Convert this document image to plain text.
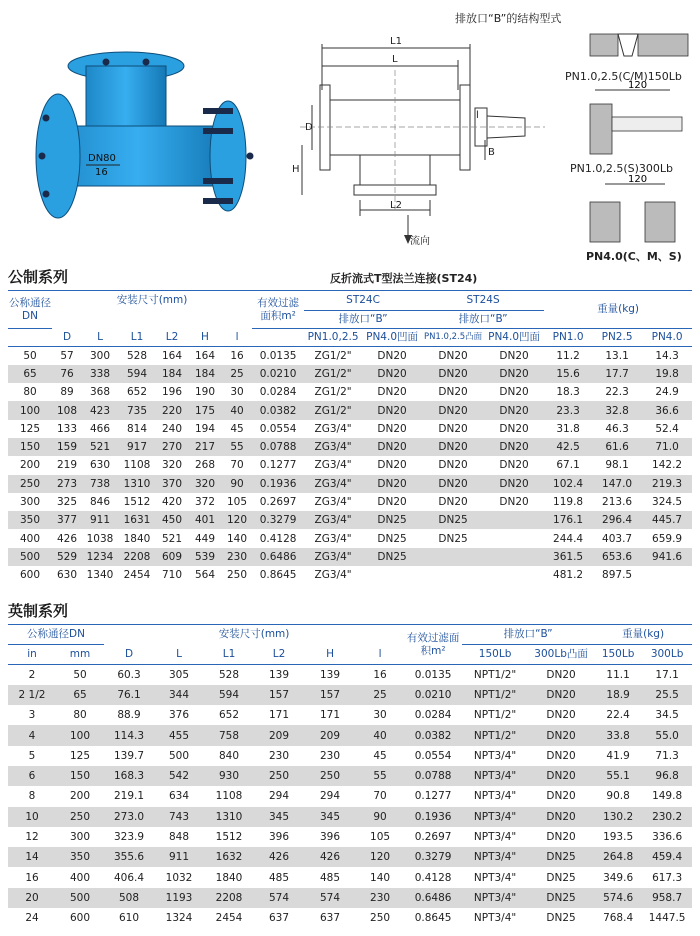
DN80
16
L1
L
L2
H
D
l
B
流向
120
120
排放口“B”的结构型式
PN1.0,2.5(C/M)150Lb
PN1.0,2.5(S)300Lb
PN4.0(C、M、S)
公制系列	反折流式T型法兰连接(ST24)
公称通径DN	安装尺寸(mm)						有效过滤面积m²	ST24C		ST24S		重量(kg)		
								排放口“B”		排放口“B”				
	D	L	L1	L2	H	l		PN1.0,2.5	PN4.0凹面	PN1.0,2.5凸面	PN4.0凹面	PN1.0	PN2.5	PN4.0
50	57	300	528	164	164	16	0.0135	ZG1/2"	DN20	DN20	DN20	11.2	13.1	14.3
65	76	338	594	184	184	25	0.0210	ZG1/2"	DN20	DN20	DN20	15.6	17.7	19.8
80	89	368	652	196	190	30	0.0284	ZG1/2"	DN20	DN20	DN20	18.3	22.3	24.9
100	108	423	735	220	175	40	0.0382	ZG1/2"	DN20	DN20	DN20	23.3	32.8	36.6
125	133	466	814	240	194	45	0.0554	ZG3/4"	DN20	DN20	DN20	31.8	46.3	52.4
150	159	521	917	270	217	55	0.0788	ZG3/4"	DN20	DN20	DN20	42.5	61.6	71.0
200	219	630	1108	320	268	70	0.1277	ZG3/4"	DN20	DN20	DN20	67.1	98.1	142.2
250	273	738	1310	370	320	90	0.1936	ZG3/4"	DN20	DN20	DN20	102.4	147.0	219.3
300	325	846	1512	420	372	105	0.2697	ZG3/4"	DN20	DN20	DN20	119.8	213.6	324.5
350	377	911	1631	450	401	120	0.3279	ZG3/4"	DN25	DN25		176.1	296.4	445.7
400	426	1038	1840	521	449	140	0.4128	ZG3/4"	DN25	DN25		244.4	403.7	659.9
500	529	1234	2208	609	539	230	0.6486	ZG3/4"	DN25			361.5	653.6	941.6
600	630	1340	2454	710	564	250	0.8645	ZG3/4"				481.2	897.5	
英制系列
公称通径DN		安装尺寸(mm)						有效过滤面积m²	排放口“B”		重量(kg)	
in	mm	D	L	L1	L2	H	l		150Lb	300Lb凸面	150Lb	300Lb
2	50	60.3	305	528	139	139	16	0.0135	NPT1/2"	DN20	11.1	17.1
2 1/2	65	76.1	344	594	157	157	25	0.0210	NPT1/2"	DN20	18.9	25.5
3	80	88.9	376	652	171	171	30	0.0284	NPT1/2"	DN20	22.4	34.5
4	100	114.3	455	758	209	209	40	0.0382	NPT1/2"	DN20	33.8	55.0
5	125	139.7	500	840	230	230	45	0.0554	NPT3/4"	DN20	41.9	71.3
6	150	168.3	542	930	250	250	55	0.0788	NPT3/4"	DN20	55.1	96.8
8	200	219.1	634	1108	294	294	70	0.1277	NPT3/4"	DN20	90.8	149.8
10	250	273.0	743	1310	345	345	90	0.1936	NPT3/4"	DN20	130.2	230.2
12	300	323.9	848	1512	396	396	105	0.2697	NPT3/4"	DN20	193.5	336.6
14	350	355.6	911	1632	426	426	120	0.3279	NPT3/4"	DN25	264.8	459.4
16	400	406.4	1032	1840	485	485	140	0.4128	NPT3/4"	DN25	349.6	617.3
20	500	508	1193	2208	574	574	230	0.6486	NPT3/4"	DN25	574.6	958.7
24	600	610	1324	2454	637	637	250	0.8645	NPT3/4"	DN25	768.4	1447.5
